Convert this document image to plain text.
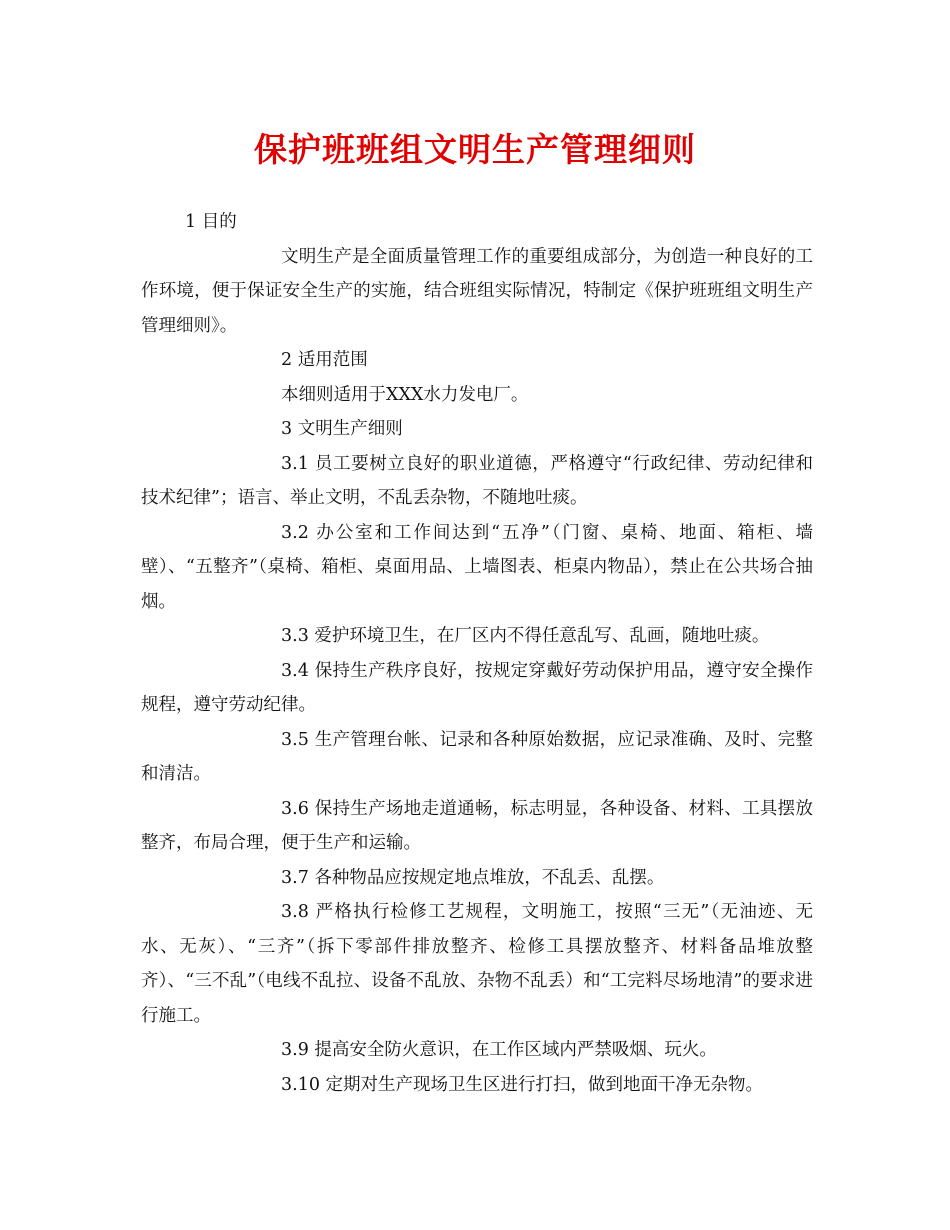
保护班班组文明生产管理细则

1 目的

文明生产是全面质量管理工作的重要组成部分，为创造一种良好的工作环境，便于保证安全生产的实施，结合班组实际情况，特制定《保护班班组文明生产管理细则》。

2 适用范围

本细则适用于XXX水力发电厂。

3 文明生产细则

3.1 员工要树立良好的职业道德，严格遵守“行政纪律、劳动纪律和技术纪律”；语言、举止文明，不乱丢杂物，不随地吐痰。

3.2 办公室和工作间达到“五净”（门窗、桌椅、地面、箱柜、墙壁）、“五整齐”（桌椅、箱柜、桌面用品、上墙图表、柜桌内物品），禁止在公共场合抽烟。

3.3 爱护环境卫生，在厂区内不得任意乱写、乱画，随地吐痰。

3.4 保持生产秩序良好，按规定穿戴好劳动保护用品，遵守安全操作规程，遵守劳动纪律。

3.5 生产管理台帐、记录和各种原始数据，应记录准确、及时、完整和清洁。

3.6 保持生产场地走道通畅，标志明显，各种设备、材料、工具摆放整齐，布局合理，便于生产和运输。

3.7 各种物品应按规定地点堆放，不乱丢、乱摆。

3.8 严格执行检修工艺规程，文明施工，按照“三无”（无油迹、无水、无灰）、“三齐”（拆下零部件排放整齐、检修工具摆放整齐、材料备品堆放整齐）、“三不乱”（电线不乱拉、设备不乱放、杂物不乱丢）和“工完料尽场地清”的要求进行施工。

3.9 提高安全防火意识，在工作区域内严禁吸烟、玩火。

3.10 定期对生产现场卫生区进行打扫，做到地面干净无杂物。
